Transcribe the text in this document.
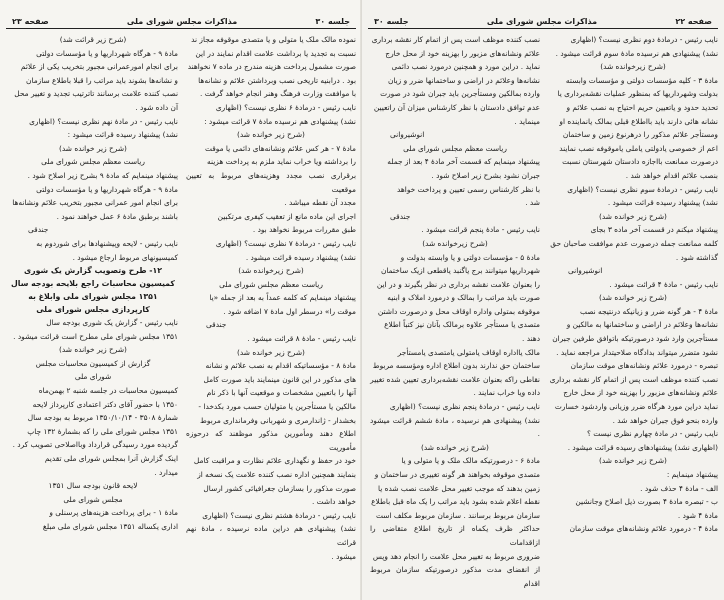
جلسه ۳۰
مذاکرات مجلس شورای ملی
صفحه ۲۳

نموده مالک ملک یا متولی و یا متصدی موقوفه مجاز ند

نسبت به تجدید یا برداشت علامت اقدام نمایند در این

صورت مشمول پرداخت هزینه مندرج در ماده ۷ نخواهند

بود . درابنیه تاریخی نصب وبرداشتن علائم و نشانه‌ها

با موافقت وزارت فرهنگ وهنر انجام خواهد گرفت .

نایب رئیس - درمادهٔ ۶ نظری نیست؟ (اظهاری

نشد) پیشنهادی هم نرسیده مادهٔ ۷ قرائت میشود :

(شرح زیر خوانده شد)

مادهٔ ۷ - هر کس علائم ونشانه‌های دائمی یا موقت

را برداشته ویا خراب نماید ملزم به پرداخت هزینه

برقراری نصب مجدد وهزینه‌های مربوط به تعیین موقعیت

مجدد آن نقطه میباشد .

اجرای این ماده مانع از تعقیب کیفری مرتکبین

طبق مقررات مربوط نخواهد بود .

نایب رئیس - درمادهٔ ۷ نظری نیست؟ (اظهاری

نشد) پیشنهاد رسیده قرائت میشود .

(شرح زیرخوانده شد)

ریاست معظم مجلس شورای ملی

پیشنهاد مینمایم که کلمه عمداً به بعد از جمله «یا

موقت را» درسطر اول مادهٔ ۷ اضافه شود .

جندقی

نایب رئیس - مادهٔ ۸ قرائت میشود .

(شرح زیر خوانده شد)

مادهٔ ۸ - مؤسساتیکه اقدام به نصب علائم و نشانه

های مذکور در این قانون مینمایند باید صورت کامل

آنها را باتعیین مشخصات و موقعیت آنها با ذکر نام

مالکین یا مستأجرین یا متولیان حسب مورد بکدخدا -

بخشدار - ژاندارمری و شهربانی وفرمانداری مربوط

اطلاع دهند ومأمورین مذکور موظفند که درحوزه مأموریت

خود در حفظ و نگهداری علائم نظارت و مراقبت کامل

بنمایند همچنین اداره نصب کننده علامت یک نسخه از

صورت مذکور را بسازمان جغرافیائی کشور ارسال

خواهد داشت .

نایب رئیس - درمادهٔ هشتم نظری نیست؟ (اظهاری

نشد) پیشنهادی هم دراین ماده نرسیده ، مادهٔ نهم قرائت

میشود .

(شرح زیر قرائت شد)

مادهٔ ۹ - هرگاه شهرداریها و یا مؤسسات دولتی

برای انجام امورعمرانی مجبور بتخریب یکی از علائم

و نشانه‌ها بشوند باید مراتب را قبلا باطلاع سازمان

نصب کننده علامت برسانند تاترتیب تجدید و تغییر محل

آن داده شود .

نایب رئیس - در مادهٔ نهم نظری نیست؟ (اظهاری

نشد) پیشنهاد رسیده قرائت میشود :

(شرح زیر خوانده شد)

ریاست معظم مجلس شورای ملی

پیشنهاد مینمایم که مادهٔ ۹ بشرح زیر اصلاح شود .

مادهٔ ۹ - هرگاه شهرداریها و یا مؤسسات دولتی

برای انجام امور عمرانی مجبور بتخریب علائم ونشانه‌ها

باشند برطبق مادهٔ ۶ عمل خواهند نمود .

جندقی

نایب رئیس - لایحه وپیشنهادها برای شوردوم به

کمیسیونهای مربوط ارجاع میشود .

۱۲- طرح وتصویب گزارش یک شوری کمیسیون محاسبات راجع بلایحه بودجه سال ۱۳۵۱ مجلس شورای ملی وابلاغ به کارپردازی مجلس شورای ملی

نایب رئیس - گزارش یک شوری بودجه سال

۱۳۵۱ مجلس شورای ملی مطرح است قرائت میشود .

(شرح زیر خوانده شد)

گزارش از کمیسیون محاسبات مجلس

شورای ملی

کمیسیون محاسبات در جلسه شنبه ۲ بهمن‌ماه

۱۳۵۰ با حضور آقای دکتر اعتمادی کارپرداز لایحه

شمارهٔ ۳۵۰۸ - ۱۳۵۰/۱۰/۱۴ مربوط به بودجه سال

۱۳۵۱ مجلس شورای ملی را که بشمارهٔ ۱۳۲ چاپ

گردیده‌ مورد رسیدگی قرارداد وبااصلاحی تصویب کرد .

اینک گزارش آنرا بمجلس شورای ملی تقدیم

میدارد .

لایحه قانون بودجه سال ۱۳۵۱

مجلس شورای ملی

مادهٔ ۱ - برای پرداخت هزینه‌های پرسنلی و

اداری یکساله ۱۳۵۱ مجلس شورای ملی مبلغ

صفحه ۲۲
مذاکرات مجلس شورای ملی
جلسه ۳۰

نایب رئیس - درمادهٔ دوم نظری نیست؟ (اظهاری

نشد) پیشنهادی هم نرسیده مادهٔ سوم قرائت میشود .

(شرح زیرخوانده شد)

مادهٔ ۳ - کلیه مؤسسات دولتی و مؤسسات وابسته

بدولت وشهرداریها که بمنظور عملیات نقشه‌برداری یا

تحدید حدود و یاتعیین حریم احتیاج به نصب علائم و

نشانه هائی دارند باید بااطلاع قبلی بمالک یانماینده او

ومستأجر علائم مذکور را درهرنوع زمین و ساختمان

اعم از خصوصی یادولتی یاملی یاموقوفه نصب نمایند

درصورت ممانعت بااجازه دادستان شهرستان نسبت

بنصب علائم اقدام خواهد شد .

نایب رئیس - درمادهٔ سوم نظری نیست؟ (اظهاری

نشد) پیشنهاد رسیده قرائت میشود .

(شرح زیر خوانده شد)

پیشنهاد میکنم در قسمت آخر ماده ۳ بجای

کلمه ممانعت جمله درصورت عدم موافقت صاحبان حق

گذاشته شود .

انوشیروانی

نایب رئیس - مادهٔ ۴ قرائت میشود .

(شرح زیر خوانده شد)

مادهٔ ۴ - هر گونه ضرر و زیانیکه درنتیجه نصب

نشانه‌ها وعلائم در اراضی و ساختمانها به مالکین و

مستأجرین وارد شود درصورتیکه باتوافق طرفین جبران

نشود متضرر میتواند بدادگاه صلاحیتدار مراجعه نماید .

تبصره - درمورد علائم ونشانه‌های موقت سازمان

نصب کننده موظف است پس از اتمام کار نقشه برداری

علائم ونشانه‌های مزبور را بهزینه خود از محل خارج

نماید دراین مورد هرگاه ضرر وزیانی واردشود خسارت

وارده بنحو فوق جبران خواهد شد .

نایب رئیس - در مادهٔ چهارم نظری نیست ؟

(اظهاری نشد) پیشنهادهای رسیده قرائت میشود .

(شرح زیر خوانده شد)

پیشنهاد مینمایم :

الف - مادهٔ ۴ حذف شود .

ب - تبصره مادهٔ ۴ بصورت ذیل اصلاح وجانشین

مادهٔ ۴ شود .

مادهٔ ۴ - درمورد علائم ونشانه‌های موقت سازمان

نصب کننده موظف است پس از اتمام کار نقشه برداری

علائم ونشانه‌های مزبور را بهزینه خود از محل خارج

نماید . دراین مورد و همچنین درمورد نصب دائمی

نشانه‌ها وعلائم در اراضی و ساختمانها ضرر و زیان

وارده بمالکین ومستأجرین باید جبران شود در صورت

عدم توافق دادستان با نظر کارشناس میزان آن راتعیین

مینماید .

انوشیروانی

ریاست معظم مجلس شورای ملی

پیشنهاد مینمایم که قسمت آخر مادهٔ ۴ بعد از جمله

جبران نشود بشرح زیر اصلاح شود .

با نظر کارشناس رسمی تعیین و پرداخت خواهد

شد .

جندقی

نایب رئیس - مادهٔ پنجم قرائت میشود .

(شرح زیرخوانده شد)

مادهٔ ۵ - مؤسسات دولتی و یا وابسته بدولت و

شهرداریها میتوانند برج یاگنبد یاقطعی ازیک ساختمان

را بعنوان علامت نقشه برداری در نظر بگیرند و در این

صورت باید مراتب را بمالک و درمورد املاک و ابنیه

موقوفه بمتولی واداره اوقاف محل و درصورت داشتن

متصدی یا مستأجر علاوه برمالک بآنان نیز کتباً اطلاع

دهند .

مالک یااداره اوقاف یامتولی یامتصدی یامستأجر

ساختمان حق ندارند بدون اطلاع اداره ومؤسسه مربوط

نقاطی راکه بعنوان علامت نقشه‌برداری تعیین شده تغییر

داده ویا خراب نمایند .

نایب رئیس - درمادهٔ پنجم نظری نیست؟ (اظهاری

نشد) پیشنهادی هم نرسیده ، مادهٔ ششم قرائت میشود .

(شرح زیر خوانده شد)

مادهٔ ۶ - درصورتیکه مالک ملک و یا متولی و یا

متصدی موقوفه بخواهند هر گونه تغییری در ساختمان و

زمین بدهند که موجب تغییر محل علامت نصب شده یا

نقطه اعلام شده بشود باید مراتب را یک ماه قبل باطلاع

سازمان مربوط برسانند . سازمان مربوط مکلف است

حداکثر ظرف یکماه از تاریخ اطلاع متقاضی را ازاقدامات

ضروری مربوط به تغییر محل علامت را انجام دهد وپس

از انقضای مدت مذکور درصورتیکه سازمان مربوط اقدام
